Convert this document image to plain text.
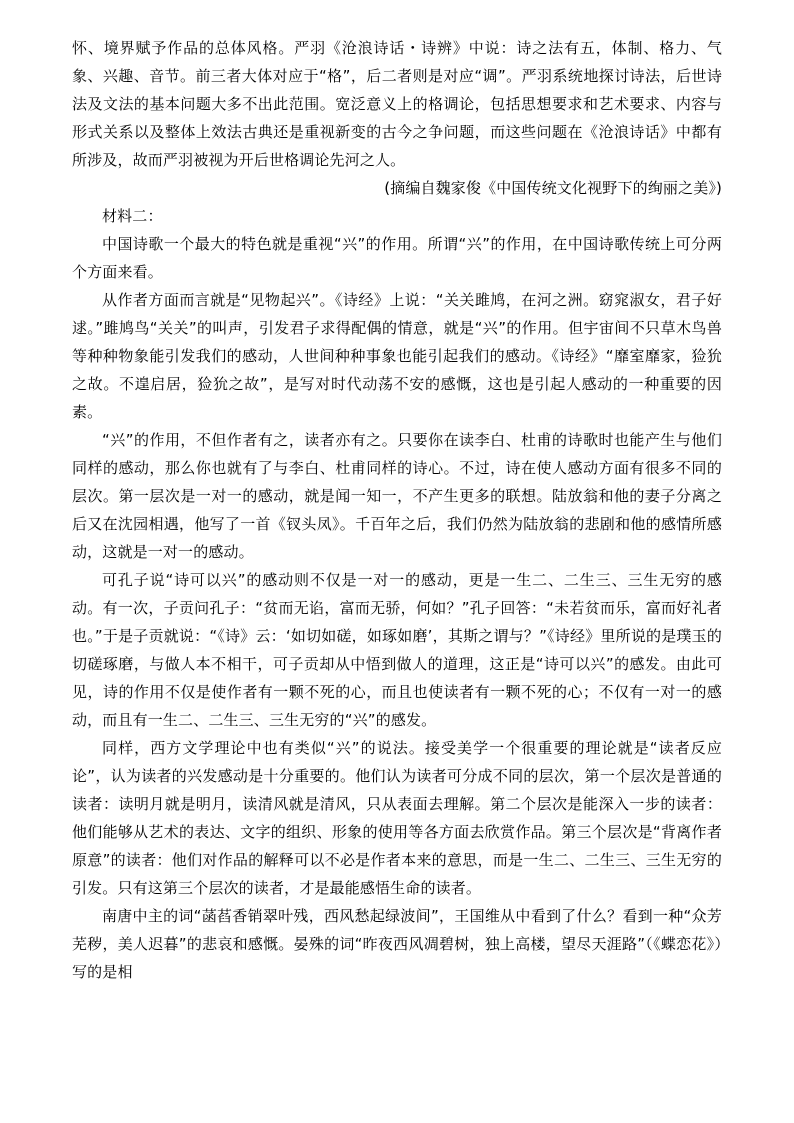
怀、境界赋予作品的总体风格。严羽《沧浪诗话・诗辨》中说：诗之法有五，体制、格力、气象、兴趣、音节。前三者大体对应于“格”，后二者则是对应“调”。严羽系统地探讨诗法，后世诗法及文法的基本问题大多不出此范围。宽泛意义上的格调论，包括思想要求和艺术要求、内容与形式关系以及整体上效法古典还是重视新变的古今之争问题，而这些问题在《沧浪诗话》中都有所涉及，故而严羽被视为开后世格调论先河之人。

(摘编自魏家俊《中国传统文化视野下的绚丽之美》)

材料二：

中国诗歌一个最大的特色就是重视“兴”的作用。所谓“兴”的作用，在中国诗歌传统上可分两个方面来看。

从作者方面而言就是“见物起兴”。《诗经》上说：“关关雎鸠，在河之洲。窈窕淑女，君子好逑。”雎鸠鸟“关关”的叫声，引发君子求得配偶的情意，就是“兴”的作用。但宇宙间不只草木鸟兽等种种物象能引发我们的感动，人世间种种事象也能引起我们的感动。《诗经》“靡室靡家，猃狁之故。不遑启居，猃狁之故”，是写对时代动荡不安的感慨，这也是引起人感动的一种重要的因素。

“兴”的作用，不但作者有之，读者亦有之。只要你在读李白、杜甫的诗歌时也能产生与他们同样的感动，那么你也就有了与李白、杜甫同样的诗心。不过，诗在使人感动方面有很多不同的层次。第一层次是一对一的感动，就是闻一知一，不产生更多的联想。陆放翁和他的妻子分离之后又在沈园相遇，他写了一首《钗头凤》。千百年之后，我们仍然为陆放翁的悲剧和他的感情所感动，这就是一对一的感动。

可孔子说“诗可以兴”的感动则不仅是一对一的感动，更是一生二、二生三、三生无穷的感动。有一次，子贡问孔子：“贫而无谄，富而无骄，何如？”孔子回答：“未若贫而乐，富而好礼者也。”于是子贡就说：“《诗》云：‘如切如磋，如琢如磨’，其斯之谓与？”《诗经》里所说的是璞玉的切磋琢磨，与做人本不相干，可子贡却从中悟到做人的道理，这正是“诗可以兴”的感发。由此可见，诗的作用不仅是使作者有一颗不死的心，而且也使读者有一颗不死的心；不仅有一对一的感动，而且有一生二、二生三、三生无穷的“兴”的感发。

同样，西方文学理论中也有类似“兴”的说法。接受美学一个很重要的理论就是“读者反应论”，认为读者的兴发感动是十分重要的。他们认为读者可分成不同的层次，第一个层次是普通的读者：读明月就是明月，读清风就是清风，只从表面去理解。第二个层次是能深入一步的读者：他们能够从艺术的表达、文字的组织、形象的使用等各方面去欣赏作品。第三个层次是“背离作者原意”的读者：他们对作品的解释可以不必是作者本来的意思，而是一生二、二生三、三生无穷的引发。只有这第三个层次的读者，才是最能感悟生命的读者。

南唐中主的词“菡萏香销翠叶残，西风愁起绿波间”，王国维从中看到了什么？看到一种“众芳芜秽，美人迟暮”的悲哀和感慨。晏殊的词“昨夜西风凋碧树，独上高楼，望尽天涯路”（《蝶恋花》）写的是相
